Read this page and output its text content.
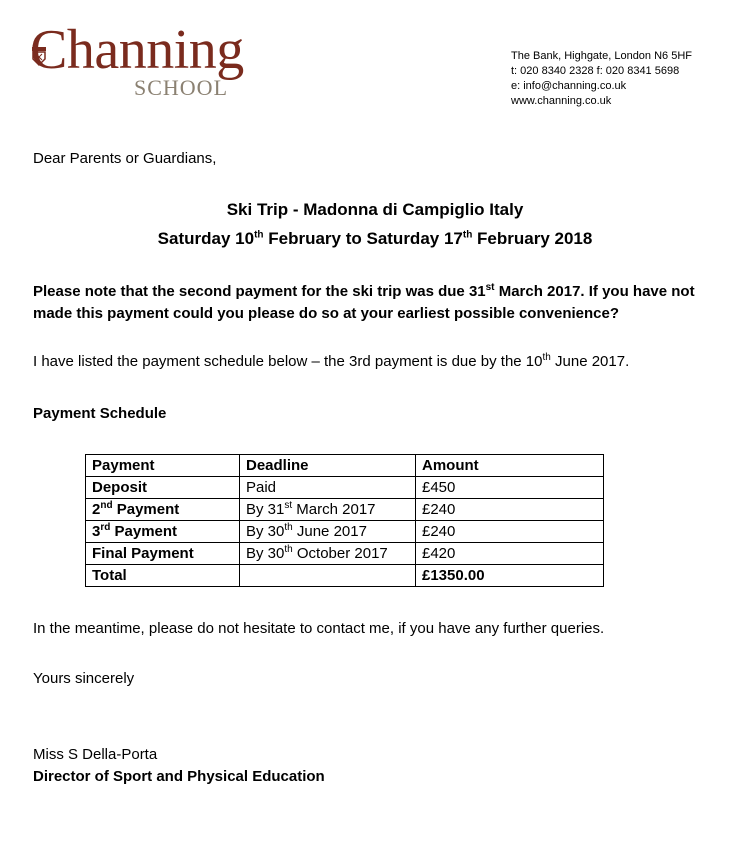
Channing
SCHOOL
The Bank, Highgate, London N6 5HF
t: 020 8340 2328 f: 020 8341 5698
e: info@channing.co.uk
www.channing.co.uk
Dear Parents or Guardians,
Ski Trip - Madonna di Campiglio Italy
Saturday 10th February to Saturday 17th February 2018
Please note that the second payment for the ski trip was due 31st March 2017. If you have not made this payment could you please do so at your earliest possible convenience?
I have listed the payment schedule below – the 3rd payment is due by the 10th June 2017.
Payment Schedule
Payment	Deadline	Amount
Deposit	Paid	£450
2nd Payment	By 31st March 2017	£240
3rd Payment	By 30th June 2017	£240
Final Payment	By 30th October 2017	£420
Total		£1350.00
In the meantime, please do not hesitate to contact me, if you have any further queries.
Yours sincerely
Miss S Della-Porta
Director of Sport and Physical Education
